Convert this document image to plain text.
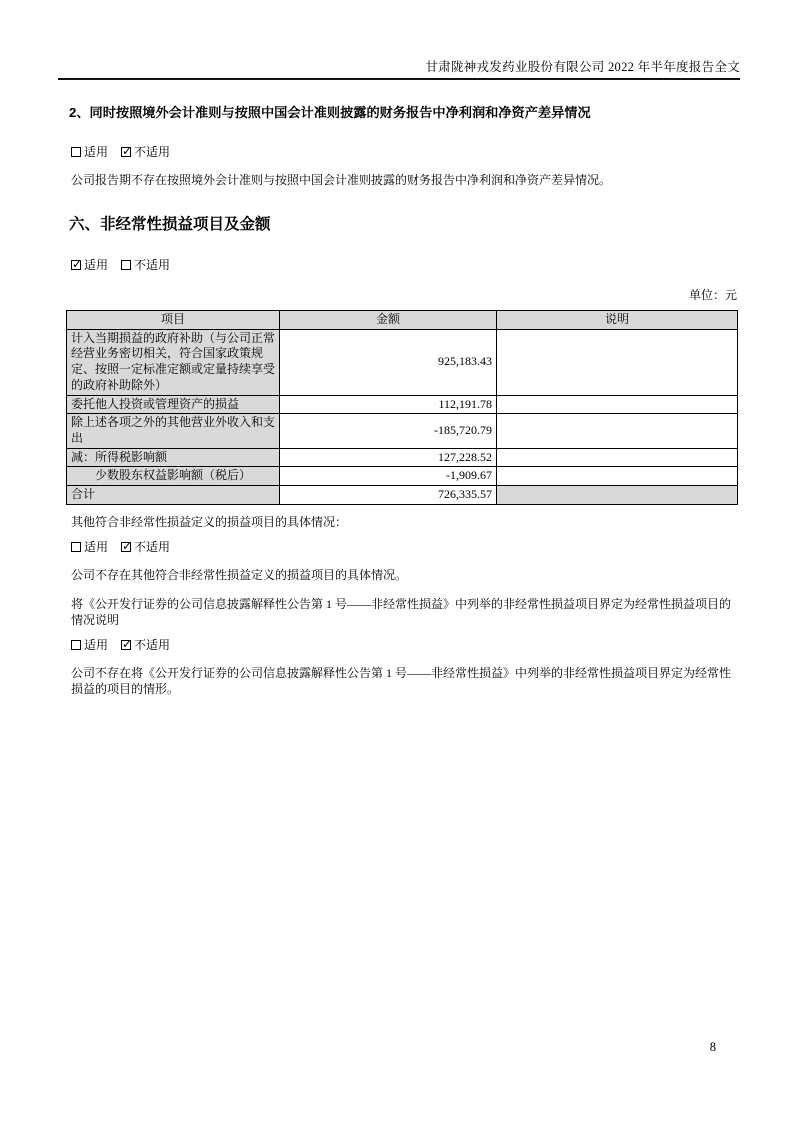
甘肃陇神戎发药业股份有限公司 2022 年半年度报告全文
2、同时按照境外会计准则与按照中国会计准则披露的财务报告中净利润和净资产差异情况
适用 ✓ 不适用
公司报告期不存在按照境外会计准则与按照中国会计准则披露的财务报告中净利润和净资产差异情况。
六、非经常性损益项目及金额
✓适用 不适用
单位：元
项目	金额	说明
计入当期损益的政府补助（与公司正常经营业务密切相关，符合国家政策规定、按照一定标准定额或定量持续享受的政府补助除外）	925,183.43	
委托他人投资或管理资产的损益	112,191.78	
除上述各项之外的其他营业外收入和支出	-185,720.79	
减：所得税影响额	127,228.52	
少数股东权益影响额（税后）	-1,909.67	
合计	726,335.57	
其他符合非经常性损益定义的损益项目的具体情况：
适用 ✓ 不适用
公司不存在其他符合非经常性损益定义的损益项目的具体情况。
将《公开发行证券的公司信息披露解释性公告第 1 号——非经常性损益》中列举的非经常性损益项目界定为经常性损益项目的情况说明
适用 ✓ 不适用
公司不存在将《公开发行证券的公司信息披露解释性公告第 1 号——非经常性损益》中列举的非经常性损益项目界定为经常性损益的项目的情形。
8
